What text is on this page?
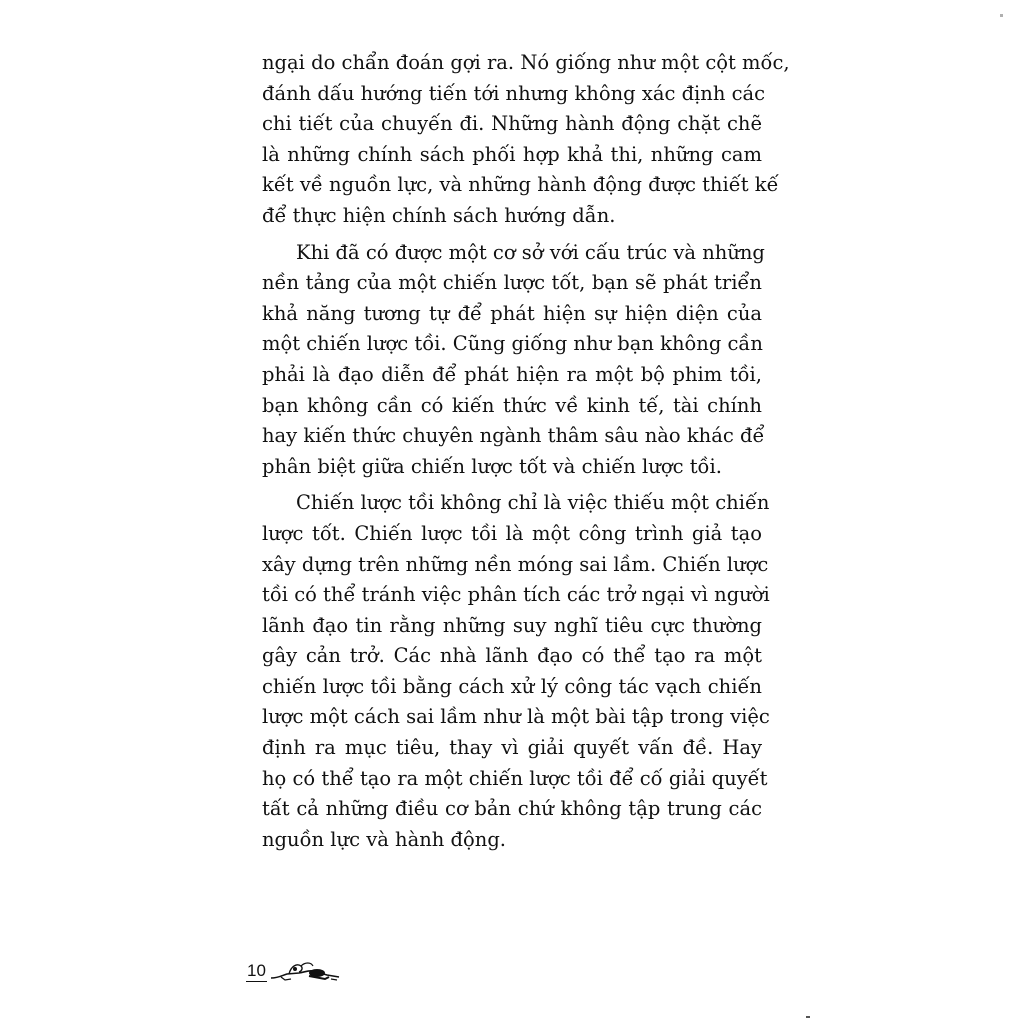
ngại do chẩn đoán gợi ra. Nó giống như một cột mốc,
đánh dấu hướng tiến tới nhưng không xác định các
chi tiết của chuyến đi. Những hành động chặt chẽ
là những chính sách phối hợp khả thi, những cam
kết về nguồn lực, và những hành động được thiết kế
để thực hiện chính sách hướng dẫn.
Khi đã có được một cơ sở với cấu trúc và những
nền tảng của một chiến lược tốt, bạn sẽ phát triển
khả năng tương tự để phát hiện sự hiện diện của
một chiến lược tồi. Cũng giống như bạn không cần
phải là đạo diễn để phát hiện ra một bộ phim tồi,
bạn không cần có kiến thức về kinh tế, tài chính
hay kiến thức chuyên ngành thâm sâu nào khác để
phân biệt giữa chiến lược tốt và chiến lược tồi.
Chiến lược tồi không chỉ là việc thiếu một chiến
lược tốt. Chiến lược tồi là một công trình giả tạo
xây dựng trên những nền móng sai lầm. Chiến lược
tồi có thể tránh việc phân tích các trở ngại vì người
lãnh đạo tin rằng những suy nghĩ tiêu cực thường
gây cản trở. Các nhà lãnh đạo có thể tạo ra một
chiến lược tồi bằng cách xử lý công tác vạch chiến
lược một cách sai lầm như là một bài tập trong việc
định ra mục tiêu, thay vì giải quyết vấn đề. Hay
họ có thể tạo ra một chiến lược tồi để cố giải quyết
tất cả những điều cơ bản chứ không tập trung các
nguồn lực và hành động.
10
